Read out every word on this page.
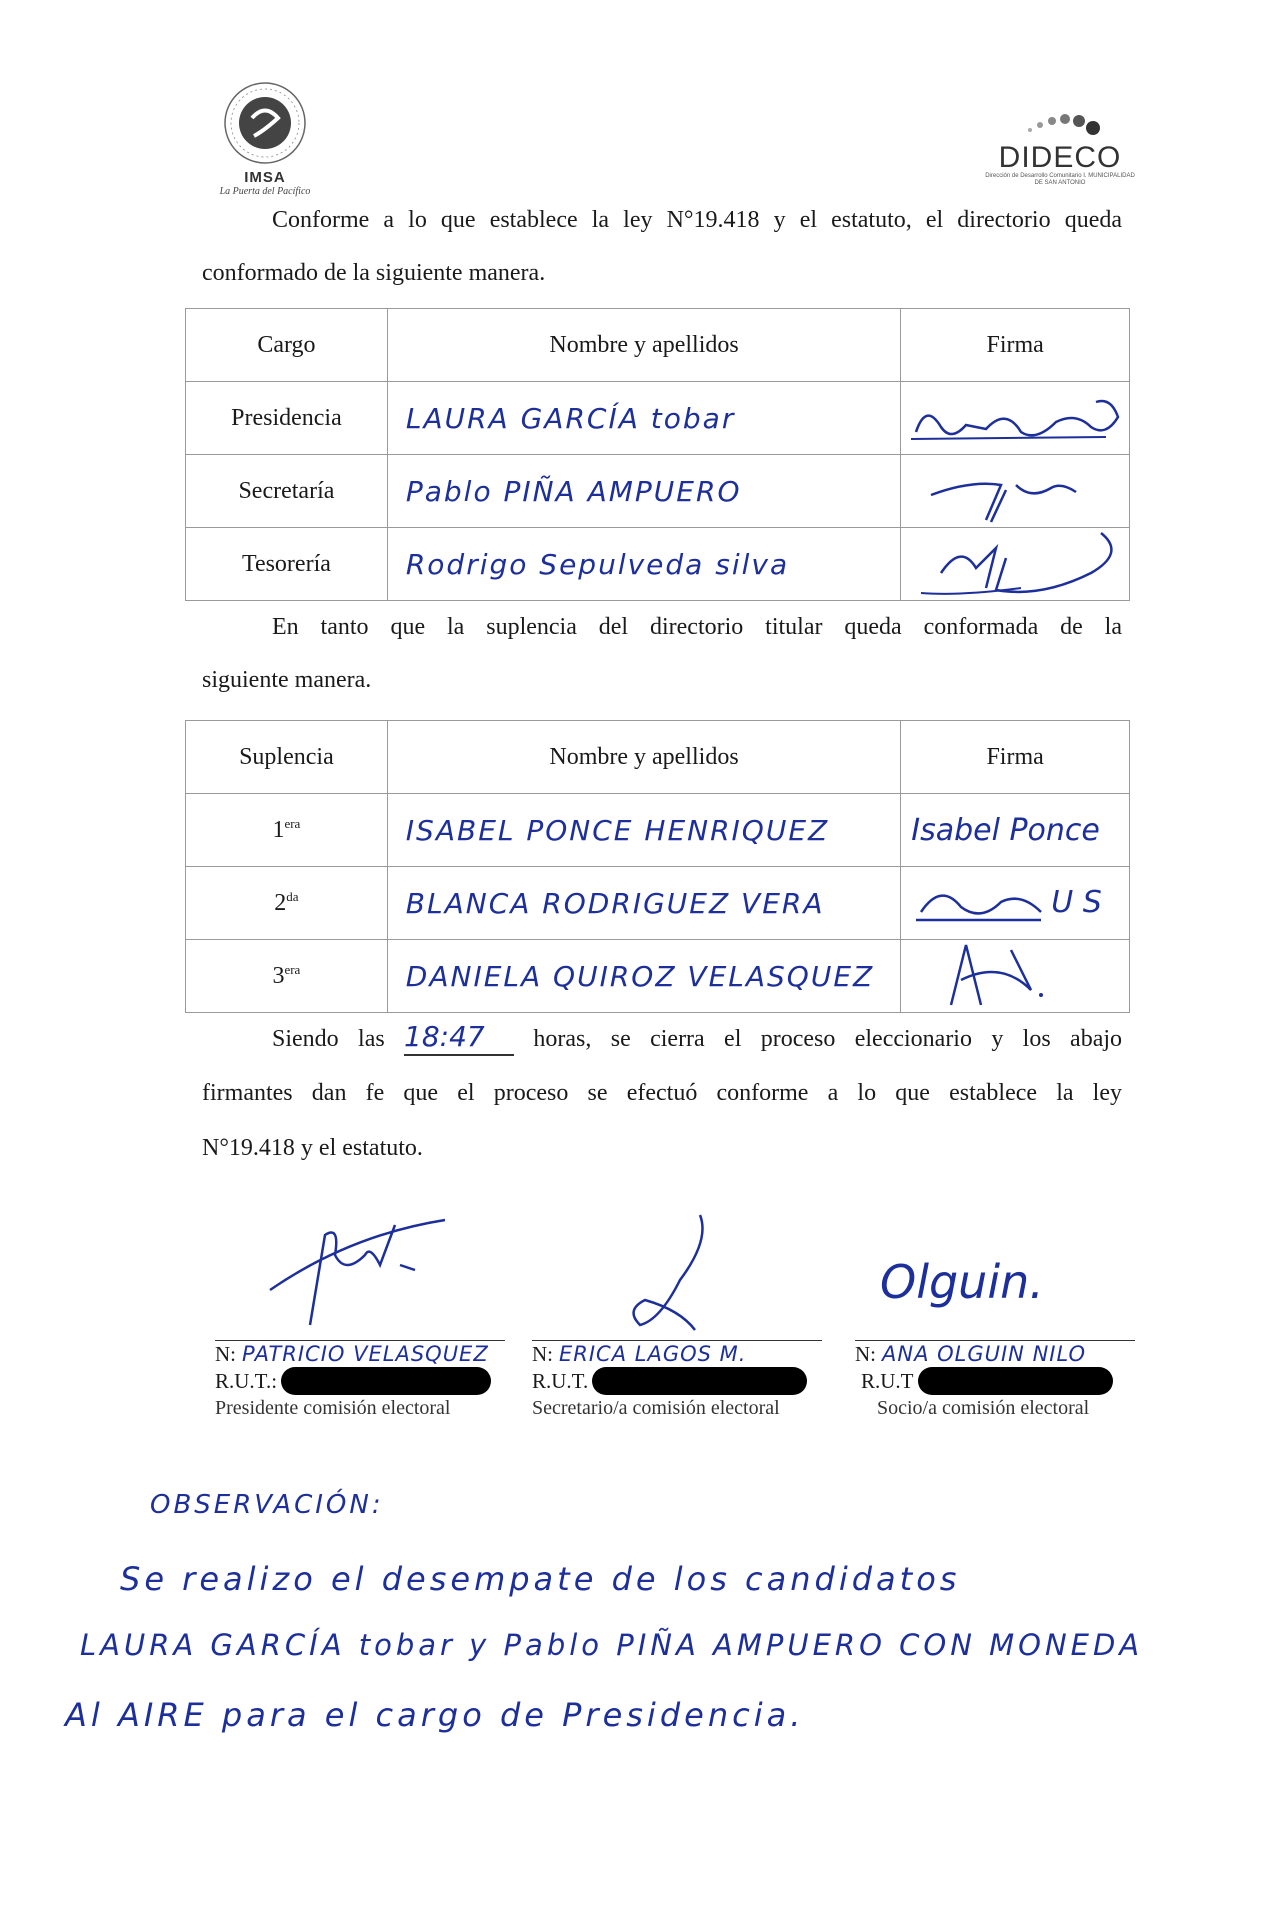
IMSA
La Puerta del Pacífico
DIDECO
Dirección de Desarrollo Comunitario I. MUNICIPALIDAD DE SAN ANTONIO

Conforme a lo que establece la ley N°19.418 y el estatuto, el directorio queda

conformado de la siguiente manera.

Cargo	Nombre y apellidos	Firma
Presidencia	LAURA GARCÍA tobar	

Secretaría	Pablo PIÑA AMPUERO	

Tesorería	Rodrigo Sepulveda silva	

En tanto que la suplencia del directorio titular queda conformada de la

siguiente manera.

Suplencia	Nombre y apellidos	Firma
$1^{era}$	ISABEL PONCE HENRIQUEZ	Isabel Ponce
$2^{da}$	BLANCA RODRIGUEZ VERA	U S

$3^{era}$	DANIELA QUIROZ VELASQUEZ	

Siendo las 18:47 horas, se cierra el proceso eleccionario y los abajo

firmantes dan fe que el proceso se efectuó conforme a lo que establece la ley

N°19.418 y el estatuto.

Olguin.
N: PATRICIO VELASQUEZ
R.U.T.:
Presidente comisión electoral
N: ERICA LAGOS M.
R.U.T.
Secretario/a comisión electoral
N: ANA OLGUIN NILO
R.U.T
Socio/a comisión electoral
OBSERVACIÓN:
Se realizo el desempate de los candidatos
LAURA GARCÍA tobar y Pablo PIÑA AMPUERO CON MONEDA
Al AIRE para el cargo de Presidencia.
